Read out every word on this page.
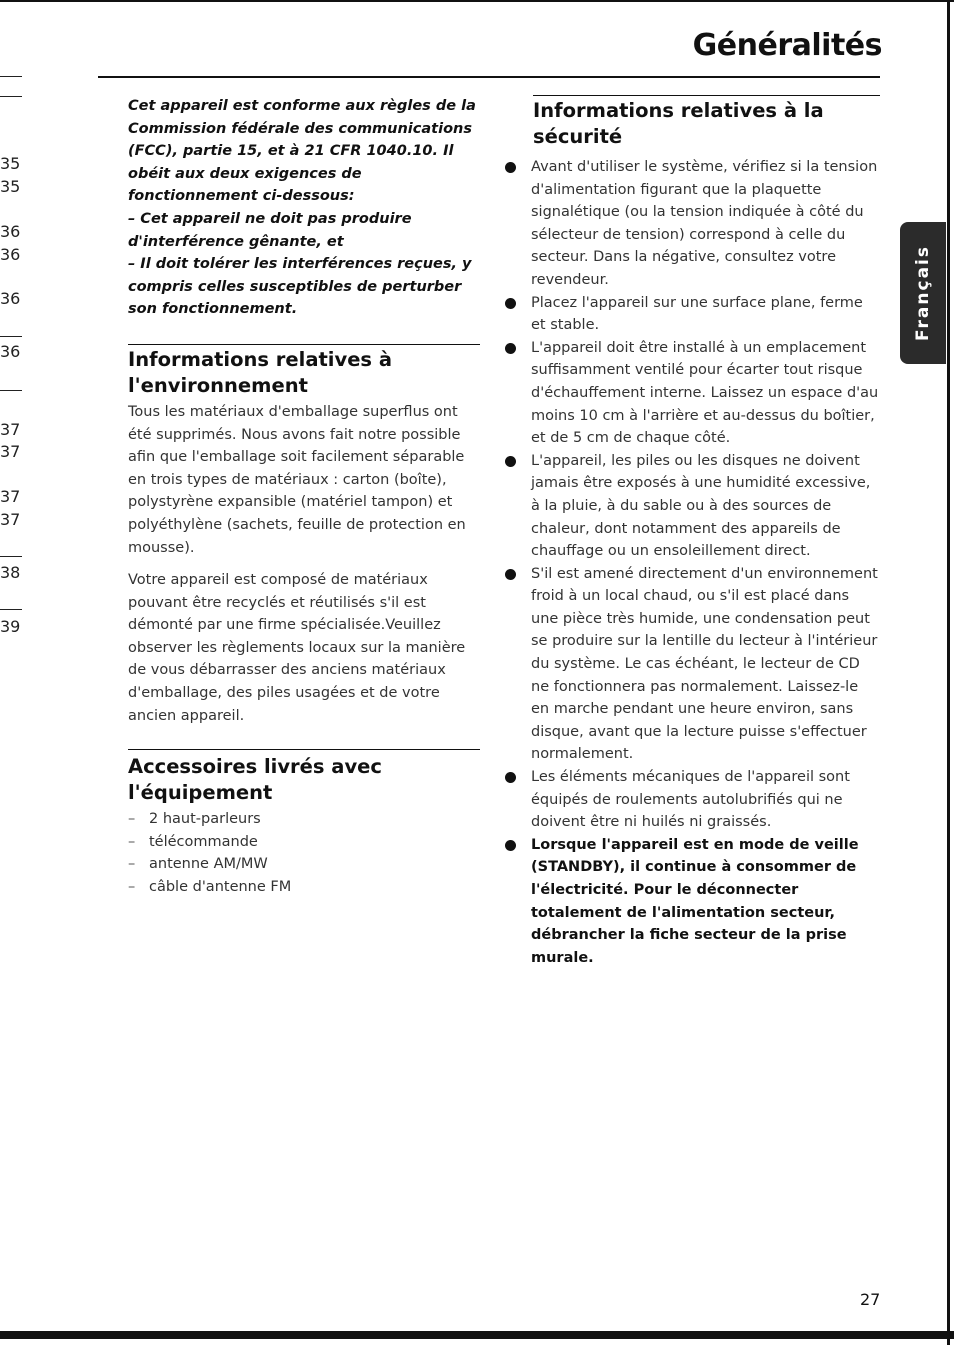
35
35
36
36
36
36
37
37
37
37
38
39
Généralités
Français

Cet appareil est conforme aux règles de la Commission fédérale des communications (FCC), partie 15, et à 21 CFR 1040.10. Il obéit aux deux exigences de fonctionnement ci-dessous:

– Cet appareil ne doit pas produire d'interférence gênante, et

– Il doit tolérer les interférences reçues, y compris celles susceptibles de perturber son fonctionnement.

Informations relatives à l'environnement

Tous les matériaux d'emballage superflus ont été supprimés. Nous avons fait notre possible afin que l'emballage soit facilement séparable en trois types de matériaux : carton (boîte), polystyrène expansible (matériel tampon) et polyéthylène (sachets, feuille de protection en mousse).

Votre appareil est composé de matériaux pouvant être recyclés et réutilisés s'il est démonté par une firme spécialisée.Veuillez observer les règlements locaux sur la manière de vous débarrasser des anciens matériaux d'emballage, des piles usagées et de votre ancien appareil.

Accessoires livrés avec l'équipement
– 2 haut-parleurs
– télécommande
– antenne AM/MW
– câble d'antenne FM
Informations relatives à la sécurité
Avant d'utiliser le système, vérifiez si la tension d'alimentation figurant que la plaquette signalétique (ou la tension indiquée à côté du sélecteur de tension) correspond à celle du secteur. Dans la négative, consultez votre revendeur.
Placez l'appareil sur une surface plane, ferme et stable.
L'appareil doit être installé à un emplacement suffisamment ventilé pour écarter tout risque d'échauffement interne. Laissez un espace d'au moins 10 cm à l'arrière et au-dessus du boîtier, et de 5 cm de chaque côté.
L'appareil, les piles ou les disques ne doivent jamais être exposés à une humidité excessive, à la pluie, à du sable ou à des sources de chaleur, dont notamment des appareils de chauffage ou un ensoleillement direct.
S'il est amené directement d'un environnement froid à un local chaud, ou s'il est placé dans une pièce très humide, une condensation peut se produire sur la lentille du lecteur à l'intérieur du système. Le cas échéant, le lecteur de CD ne fonctionnera pas normalement. Laissez-le en marche pendant une heure environ, sans disque, avant que la lecture puisse s'effectuer normalement.
Les éléments mécaniques de l'appareil sont équipés de roulements autolubrifiés qui ne doivent être ni huilés ni graissés.
Lorsque l'appareil est en mode de veille (STANDBY), il continue à consommer de l'électricité. Pour le déconnecter totalement de l'alimentation secteur, débrancher la fiche secteur de la prise murale.
27
